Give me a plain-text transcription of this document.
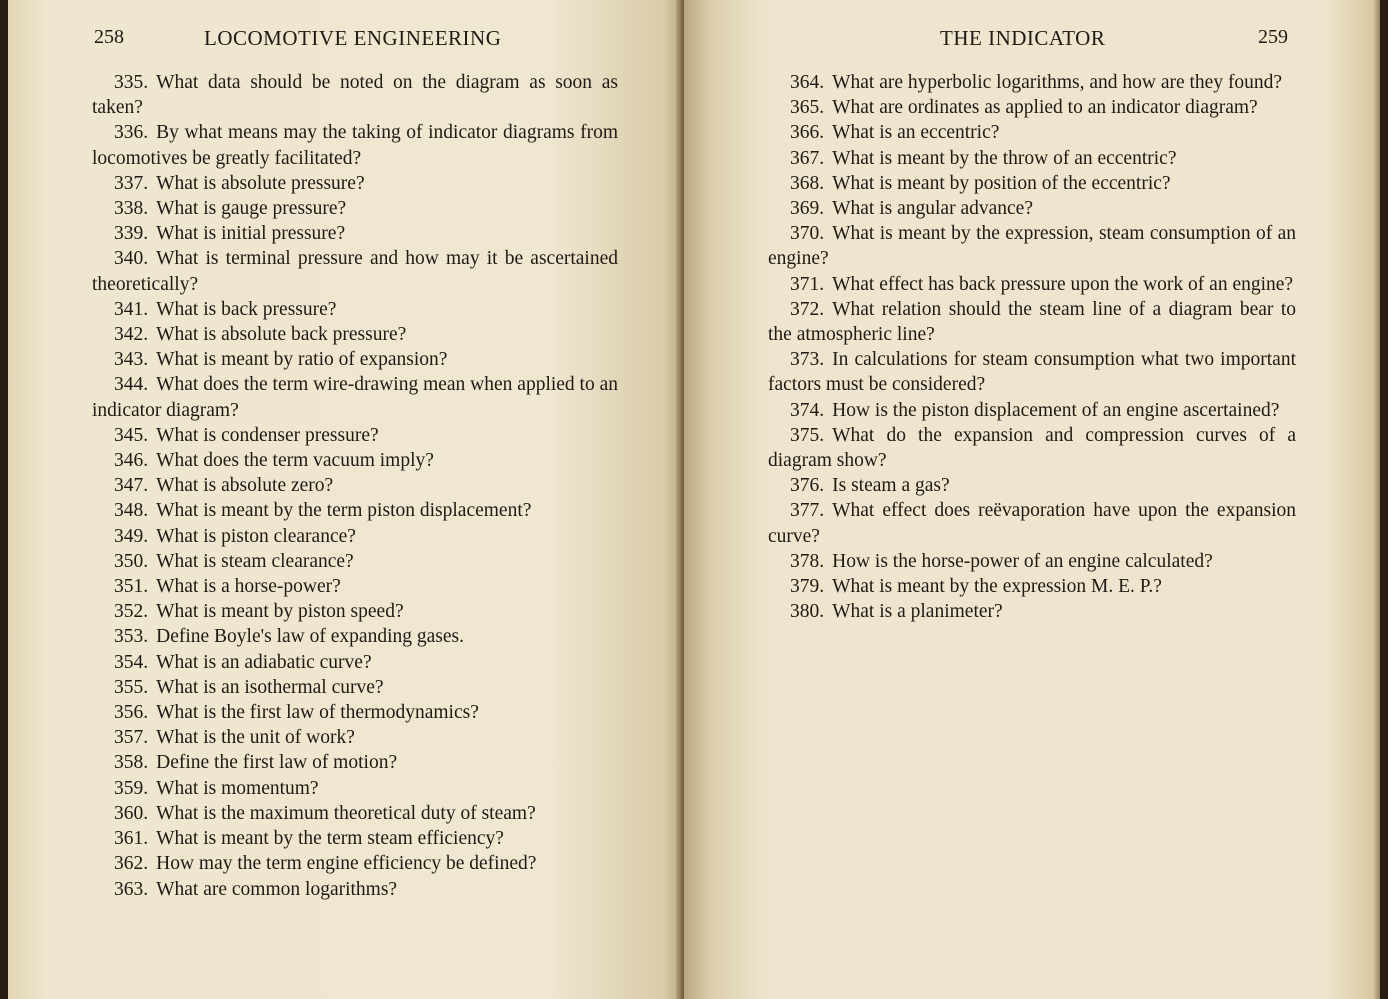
258	LOCOMOTIVE ENGINEERING

335. What data should be noted on the diagram as soon as taken?

336. By what means may the taking of indicator diagrams from locomotives be greatly facilitated?

337. What is absolute pressure?

338. What is gauge pressure?

339. What is initial pressure?

340. What is terminal pressure and how may it be ascertained theoretically?

341. What is back pressure?

342. What is absolute back pressure?

343. What is meant by ratio of expansion?

344. What does the term wire-drawing mean when applied to an indicator diagram?

345. What is condenser pressure?

346. What does the term vacuum imply?

347. What is absolute zero?

348. What is meant by the term piston displacement?

349. What is piston clearance?

350. What is steam clearance?

351. What is a horse-power?

352. What is meant by piston speed?

353. Define Boyle's law of expanding gases.

354. What is an adiabatic curve?

355. What is an isothermal curve?

356. What is the first law of thermodynamics?

357. What is the unit of work?

358. Define the first law of motion?

359. What is momentum?

360. What is the maximum theoretical duty of steam?

361. What is meant by the term steam efficiency?

362. How may the term engine efficiency be defined?

363. What are common logarithms?

THE INDICATOR	259

364. What are hyperbolic logarithms, and how are they found?

365. What are ordinates as applied to an indicator diagram?

366. What is an eccentric?

367. What is meant by the throw of an eccentric?

368. What is meant by position of the eccentric?

369. What is angular advance?

370. What is meant by the expression, steam consumption of an engine?

371. What effect has back pressure upon the work of an engine?

372. What relation should the steam line of a diagram bear to the atmospheric line?

373. In calculations for steam consumption what two important factors must be considered?

374. How is the piston displacement of an engine ascertained?

375. What do the expansion and compression curves of a diagram show?

376. Is steam a gas?

377. What effect does reëvaporation have upon the expansion curve?

378. How is the horse-power of an engine calculated?

379. What is meant by the expression M. E. P.?

380. What is a planimeter?
